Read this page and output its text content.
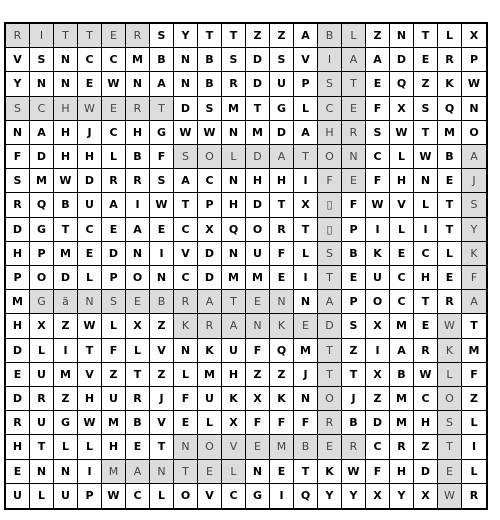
R	I	T	T	E	R	S	Y	T	T	Z	Z	A	B	L	Z	N	T	L	X
V	S	N	C	C	M	B	N	B	S	D	S	V	I	A	A	D	E	R	P
Y	N	N	E	W	N	A	N	B	R	D	U	P	S	T	E	Q	Z	K	W
S	C	H	W	E	R	T	D	S	M	T	G	L	C	E	F	X	S	Q	N
N	A	H	J	C	H	G	W	W	N	M	D	A	H	R	S	W	T	M	O
F	D	H	H	L	B	F	S	O	L	D	A	T	O	N	C	L	W	B	A
S	M	W	D	R	R	S	A	C	N	H	H	I	F	E	F	H	N	E	J
R	Q	B	U	A	I	W	T	P	H	D	T	X	▯	F	W	V	L	T	S
D	G	T	C	E	A	E	C	X	Q	O	R	T	▯	P	I	L	I	T	Y
H	P	M	E	D	N	I	V	D	N	U	F	L	S	B	K	E	C	L	K
P	O	D	L	P	O	N	C	D	M	M	E	I	T	E	U	C	H	E	F
M	G	ä	N	S	E	B	R	A	T	E	N	N	A	P	O	C	T	R	A
H	X	Z	W	L	X	Z	K	R	A	N	K	E	D	S	X	M	E	W	T
D	L	I	T	F	L	V	N	K	U	F	Q	M	T	Z	I	A	R	K	M
E	U	M	V	Z	T	Z	L	M	H	Z	Z	J	T	T	X	B	W	L	F
D	R	Z	H	U	R	J	F	U	K	X	K	N	O	J	Z	M	C	O	Z
R	U	G	W	M	B	V	E	L	X	F	F	F	R	B	D	M	H	S	L
H	T	L	L	H	E	T	N	O	V	E	M	B	E	R	C	R	Z	T	I
E	N	N	I	M	A	N	T	E	L	N	E	T	K	W	F	H	D	E	L
U	L	U	P	W	C	L	O	V	C	G	I	Q	Y	Y	X	Y	X	W	R
